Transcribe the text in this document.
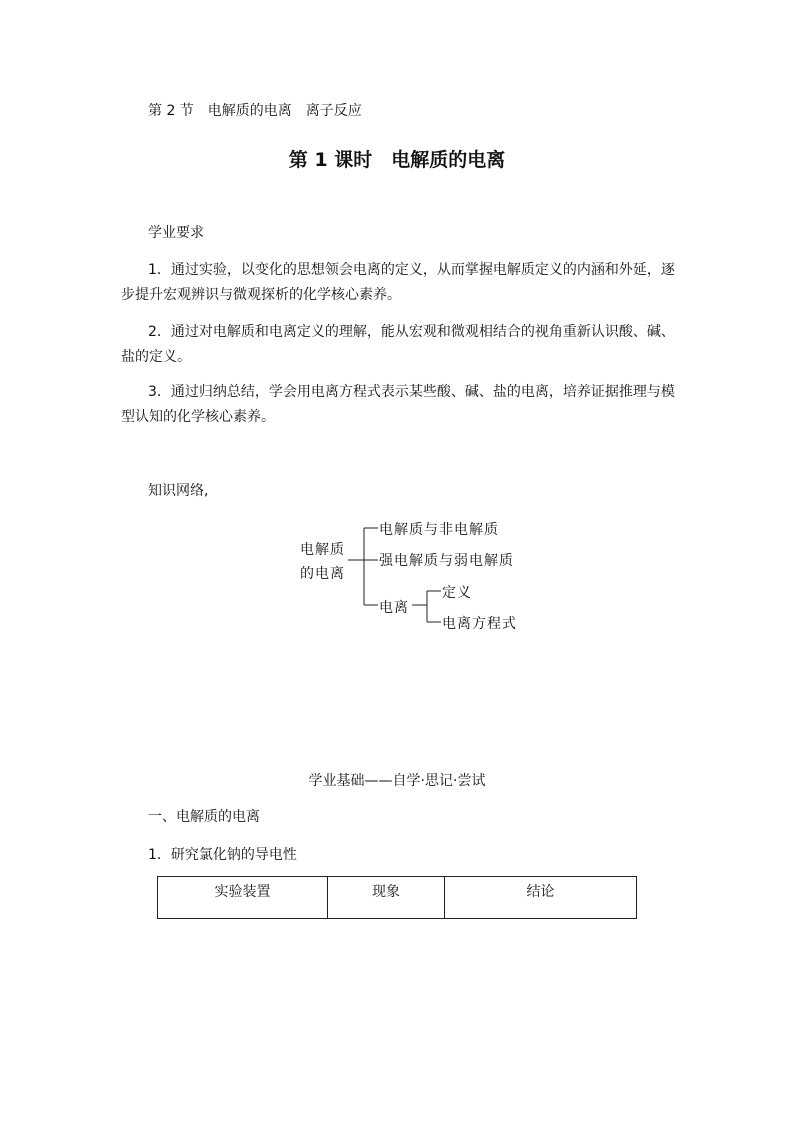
第 2 节　电解质的电离　离子反应
第 1 课时　电解质的电离
学业要求
1．通过实验，以变化的思想领会电离的定义，从而掌握电解质定义的内涵和外延，逐步提升宏观辨识与微观探析的化学核心素养。
2．通过对电解质和电离定义的理解，能从宏观和微观相结合的视角重新认识酸、碱、盐的定义。
3．通过归纳总结，学会用电离方程式表示某些酸、碱、盐的电离，培养证据推理与模型认知的化学核心素养。
知识网络,
电解质
的电离
电解质与非电解质
强电解质与弱电解质
电离
定义
电离方程式
学业基础——自学·思记·尝试
一、电解质的电离
1．研究氯化钠的导电性
实验装置	现象	结论
